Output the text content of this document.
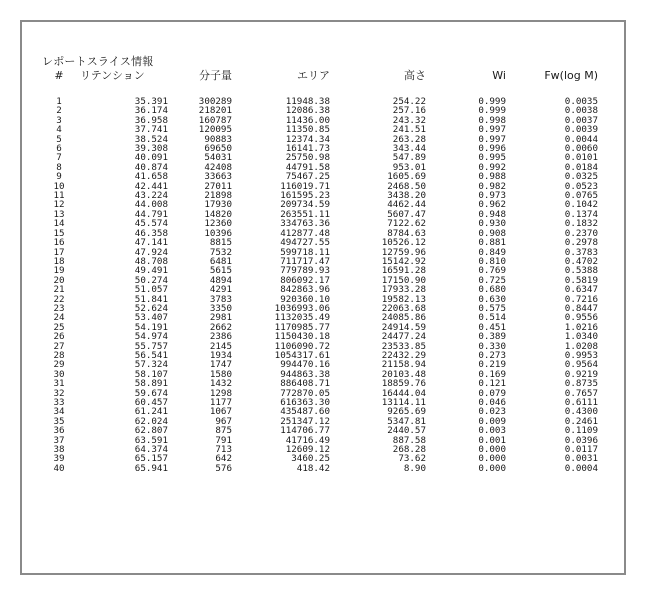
レポートスライス情報
#	リテンション	分子量	エリア	高さ	Wi	Fw(log M)
1	35.391	300289	11948.38	254.22	0.999	0.0035
2	36.174	218201	12086.38	257.16	0.999	0.0038
3	36.958	160787	11436.00	243.32	0.998	0.0037
4	37.741	120095	11350.85	241.51	0.997	0.0039
5	38.524	90883	12374.34	263.28	0.997	0.0044
6	39.308	69650	16141.73	343.44	0.996	0.0060
7	40.091	54031	25750.98	547.89	0.995	0.0101
8	40.874	42408	44791.58	953.01	0.992	0.0184
9	41.658	33663	75467.25	1605.69	0.988	0.0325
10	42.441	27011	116019.71	2468.50	0.982	0.0523
11	43.224	21898	161595.23	3438.20	0.973	0.0765
12	44.008	17930	209734.59	4462.44	0.962	0.1042
13	44.791	14820	263551.11	5607.47	0.948	0.1374
14	45.574	12360	334763.36	7122.62	0.930	0.1832
15	46.358	10396	412877.48	8784.63	0.908	0.2370
16	47.141	8815	494727.55	10526.12	0.881	0.2978
17	47.924	7532	599718.11	12759.96	0.849	0.3783
18	48.708	6481	711717.47	15142.92	0.810	0.4702
19	49.491	5615	779789.93	16591.28	0.769	0.5388
20	50.274	4894	806092.17	17150.90	0.725	0.5819
21	51.057	4291	842863.96	17933.28	0.680	0.6347
22	51.841	3783	920360.10	19582.13	0.630	0.7216
23	52.624	3350	1036993.06	22063.68	0.575	0.8447
24	53.407	2981	1132035.49	24085.86	0.514	0.9556
25	54.191	2662	1170985.77	24914.59	0.451	1.0216
26	54.974	2386	1150430.18	24477.24	0.389	1.0340
27	55.757	2145	1106090.72	23533.85	0.330	1.0208
28	56.541	1934	1054317.61	22432.29	0.273	0.9953
29	57.324	1747	994470.16	21158.94	0.219	0.9564
30	58.107	1580	944863.38	20103.48	0.169	0.9219
31	58.891	1432	886408.71	18859.76	0.121	0.8735
32	59.674	1298	772870.05	16444.04	0.079	0.7657
33	60.457	1177	616363.30	13114.11	0.046	0.6111
34	61.241	1067	435487.60	9265.69	0.023	0.4300
35	62.024	967	251347.12	5347.81	0.009	0.2461
36	62.807	875	114706.77	2440.57	0.003	0.1109
37	63.591	791	41716.49	887.58	0.001	0.0396
38	64.374	713	12609.12	268.28	0.000	0.0117
39	65.157	642	3460.25	73.62	0.000	0.0031
40	65.941	576	418.42	8.90	0.000	0.0004
